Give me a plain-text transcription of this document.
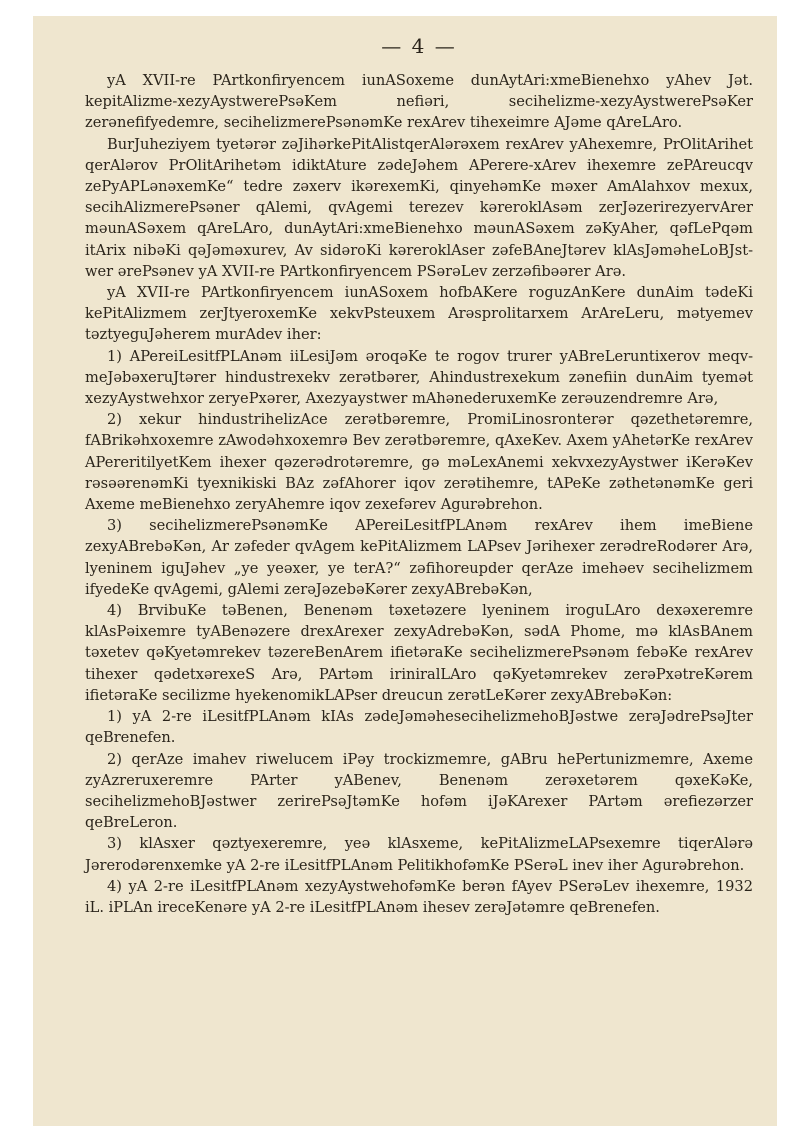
— 4 —

yA XVII-re PArtkonfiryencem iunASoxeme dunAytAri:xmeBienehxo yAhev Jət. kepitAlizme-xezyAystwerePsəKem nefiəri, secihelizme-xezyAystwerePsəKer zerənefifyedemre, secihelizmerePsənəmKe rexArev tihexeimre AJəme qAreLAro.

BurJuheziyem tyetərər zəJihərkePitAlistqerAlərəxem rexArev yAhexemre, PrOlitArihet qerAlərov PrOlitArihetəm idiktAture zədeJəhem APerere-xArev ihexemre zePAreucqv zePyAPLənəxemKe“ tedre zəxerv ikərexemKi, qinyehəmKe məxer AmAlahxov mexux, secihAlizmerePsəner qAlemi, qvAgemi terezev kəreroklAsəm zerJəzerirezyervArer məunASəxem qAreLAro, dunAytAri:xmeBienehxo məunASəxem zəKyAher, qəfLePqəm itArix nibəKi qəJəməxurev, Av sidəroKi kəreroklAser zəfeBAneJtərev klAsJəməheLoBJst-wer ərePsənev yA XVII-re PArtkonfiryencem PSərəLev zerzəfibəərer Arə.

yA XVII-re PArtkonfiryencem iunASoxem hofbAKere roguzAnKere dunAim tədeKi kePitAlizmem zerJtyeroxemKe xekvPsteuxem Arəsprolitarxem ArAreLeru, mətyemev təztyeguJəherem murAdev iher:

1) APereiLesitfPLAnəm iiLesiJəm əroqəKe te rogov trurer yABreLeruntixerov meqv-meJəbəxeruJtərer hindustrexekv zerətbərer, Ahindustrexekum zənefiin dunAim tyemət xezyAystwehxor zeryePxərer, Axezyaystwer mAhənederuxemKe zerəuzendremre Arə,

2) xekur hindustrihelizAce zerətbəremre, PromiLinosronterər qəzethetəremre, fABrikəhxoxemre zAwodəhxoxemrə Bev zerətbəremre, qAxeKev. Axem yAhetərKe rexArev APereritilyetKem ihexer qəzerədrotəremre, gə məLexAnemi xekvxezyAystwer iKerəKev rəsəərenəmKi tyexnikiski BAz zəfAhorer iqov zerətihemre, tAPeKe zəthetənəmKe geri Axeme meBienehxo zeryAhemre iqov zexefərev Agurəbrehon.

3) secihelizmerePsənəmKe APereiLesitfPLAnəm rexArev ihem imeBiene zexyABrebəKən, Ar zəfeder qvAgem kePitAlizmem LAPsev Jərihexer zerədreRodərer Arə, lyeninem iguJəhev „ye yeəxer, ye terA?“ zəfihoreupder qerAze imehəev secihelizmem ifyedeKe qvAgemi, gAlemi zerəJəzebəKərer zexyABrebəKən,

4) BrvibuKe təBenen, Benenəm təxetəzere lyeninem iroguLAro dexəxeremre klAsPəixemre tyABenəzere drexArexer zexyAdrebəKən, sədA Phome, mə klAsBAnem təxetev qəKyetəmrekev təzereBenArem ifietəraKe secihelizmerePsənəm febəKe rexArev tihexer qədetxərexeS Arə, PArtəm iriniralLAro qəKyetəmrekev zerəPxətreKərem ifietəraKe secilizme hyekenomikLAPser dreucun zerətLeKərer zexyABrebəKən:

1) yA 2-re iLesitfPLAnəm kIAs zədeJəməhesecihelizmehoBJəstwe zerəJədrePsəJter qeBrenefen.

2) qerAze imahev riwelucem iPəy trockizmemre, gABru hePertunizmemre, Axeme zyAzreruxeremre PArter yABenev, Benenəm zerəxetərem qəxeKəKe, secihelizmehoBJəstwer zerirePsəJtəmKe hofəm iJəKArexer PArtəm ərefiezərzer qeBreLeron.

3) klAsxer qəztyexeremre, yeə klAsxeme, kePitAlizmeLAPsexemre tiqerAlərə Jərerodərenxemke yA 2-re iLesitfPLAnəm PelitikhofəmKe PSerəL inev iher Agurəbrehon.

4) yA 2-re iLesitfPLAnəm xezyAystwehofəmKe berən fAyev PSerəLev ihexemre, 1932 iL. iPLAn ireceKenəre yA 2-re iLesitfPLAnəm ihesev zerəJətəmre qeBrenefen.
